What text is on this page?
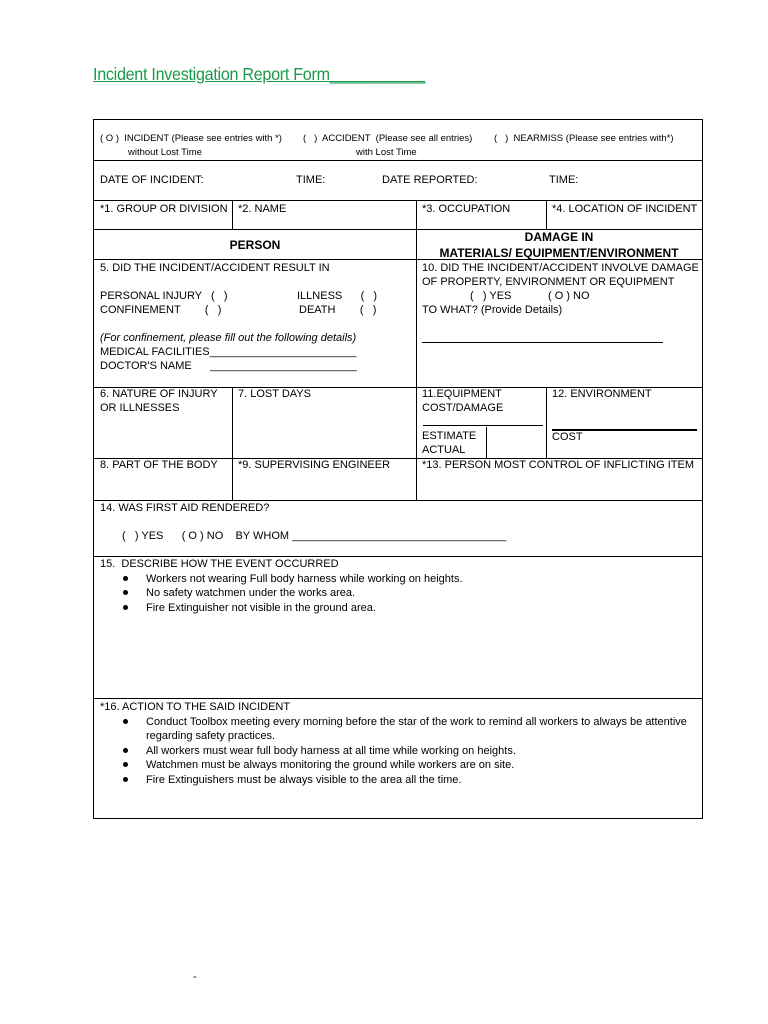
Incident Investigation Report Form___________
( O )  INCIDENT (Please see entries with *)
without Lost Time
(   )  ACCIDENT  (Please see all entries)
with Lost Time
(   )  NEARMISS (Please see entries with*)
DATE OF INCIDENT:	TIME:	DATE REPORTED:	TIME:
*1. GROUP OR DIVISION *2. NAME	*3. OCCUPATION	*4. LOCATION OF INCIDENT
PERSON
DAMAGE IN
MATERIALS/ EQUIPMENT/ENVIRONMENT
5. DID THE INCIDENT/ACCIDENT RESULT IN
PERSONAL INJURY   (   )	ILLNESS      (   )
CONFINEMENT        (   )	DEATH        (   )
(For confinement, please fill out the following details)
MEDICAL FACILITIES________________________
DOCTOR'S NAME      ________________________
10. DID THE INCIDENT/ACCIDENT INVOLVE DAMAGE
OF PROPERTY, ENVIRONMENT OR EQUIPMENT
(   ) YES	( O ) NO
TO WHAT? (Provide Details)
6. NATURE OF INJURY
OR ILLNESSES
7. LOST DAYS	11.EQUIPMENT
COST/DAMAGE
ESTIMATE
ACTUAL
12. ENVIRONMENT
COST
8. PART OF THE BODY *9. SUPERVISING ENGINEER	*13. PERSON MOST CONTROL OF INFLICTING ITEM
14. WAS FIRST AID RENDERED?
(   ) YES      ( O ) NO    BY WHOM ___________________________________
15.  DESCRIBE HOW THE EVENT OCCURRED
Workers not wearing Full body harness while working on heights.
No safety watchmen under the works area.
Fire Extinguisher not visible in the ground area.
*16. ACTION TO THE SAID INCIDENT
Conduct Toolbox meeting every morning before the star of the work to remind all workers to always be attentive
regarding safety practices.
All workers must wear full body harness at all time while working on heights.
Watchmen must be always monitoring the ground while workers are on site.
Fire Extinguishers must be always visible to the area all the time.
-
